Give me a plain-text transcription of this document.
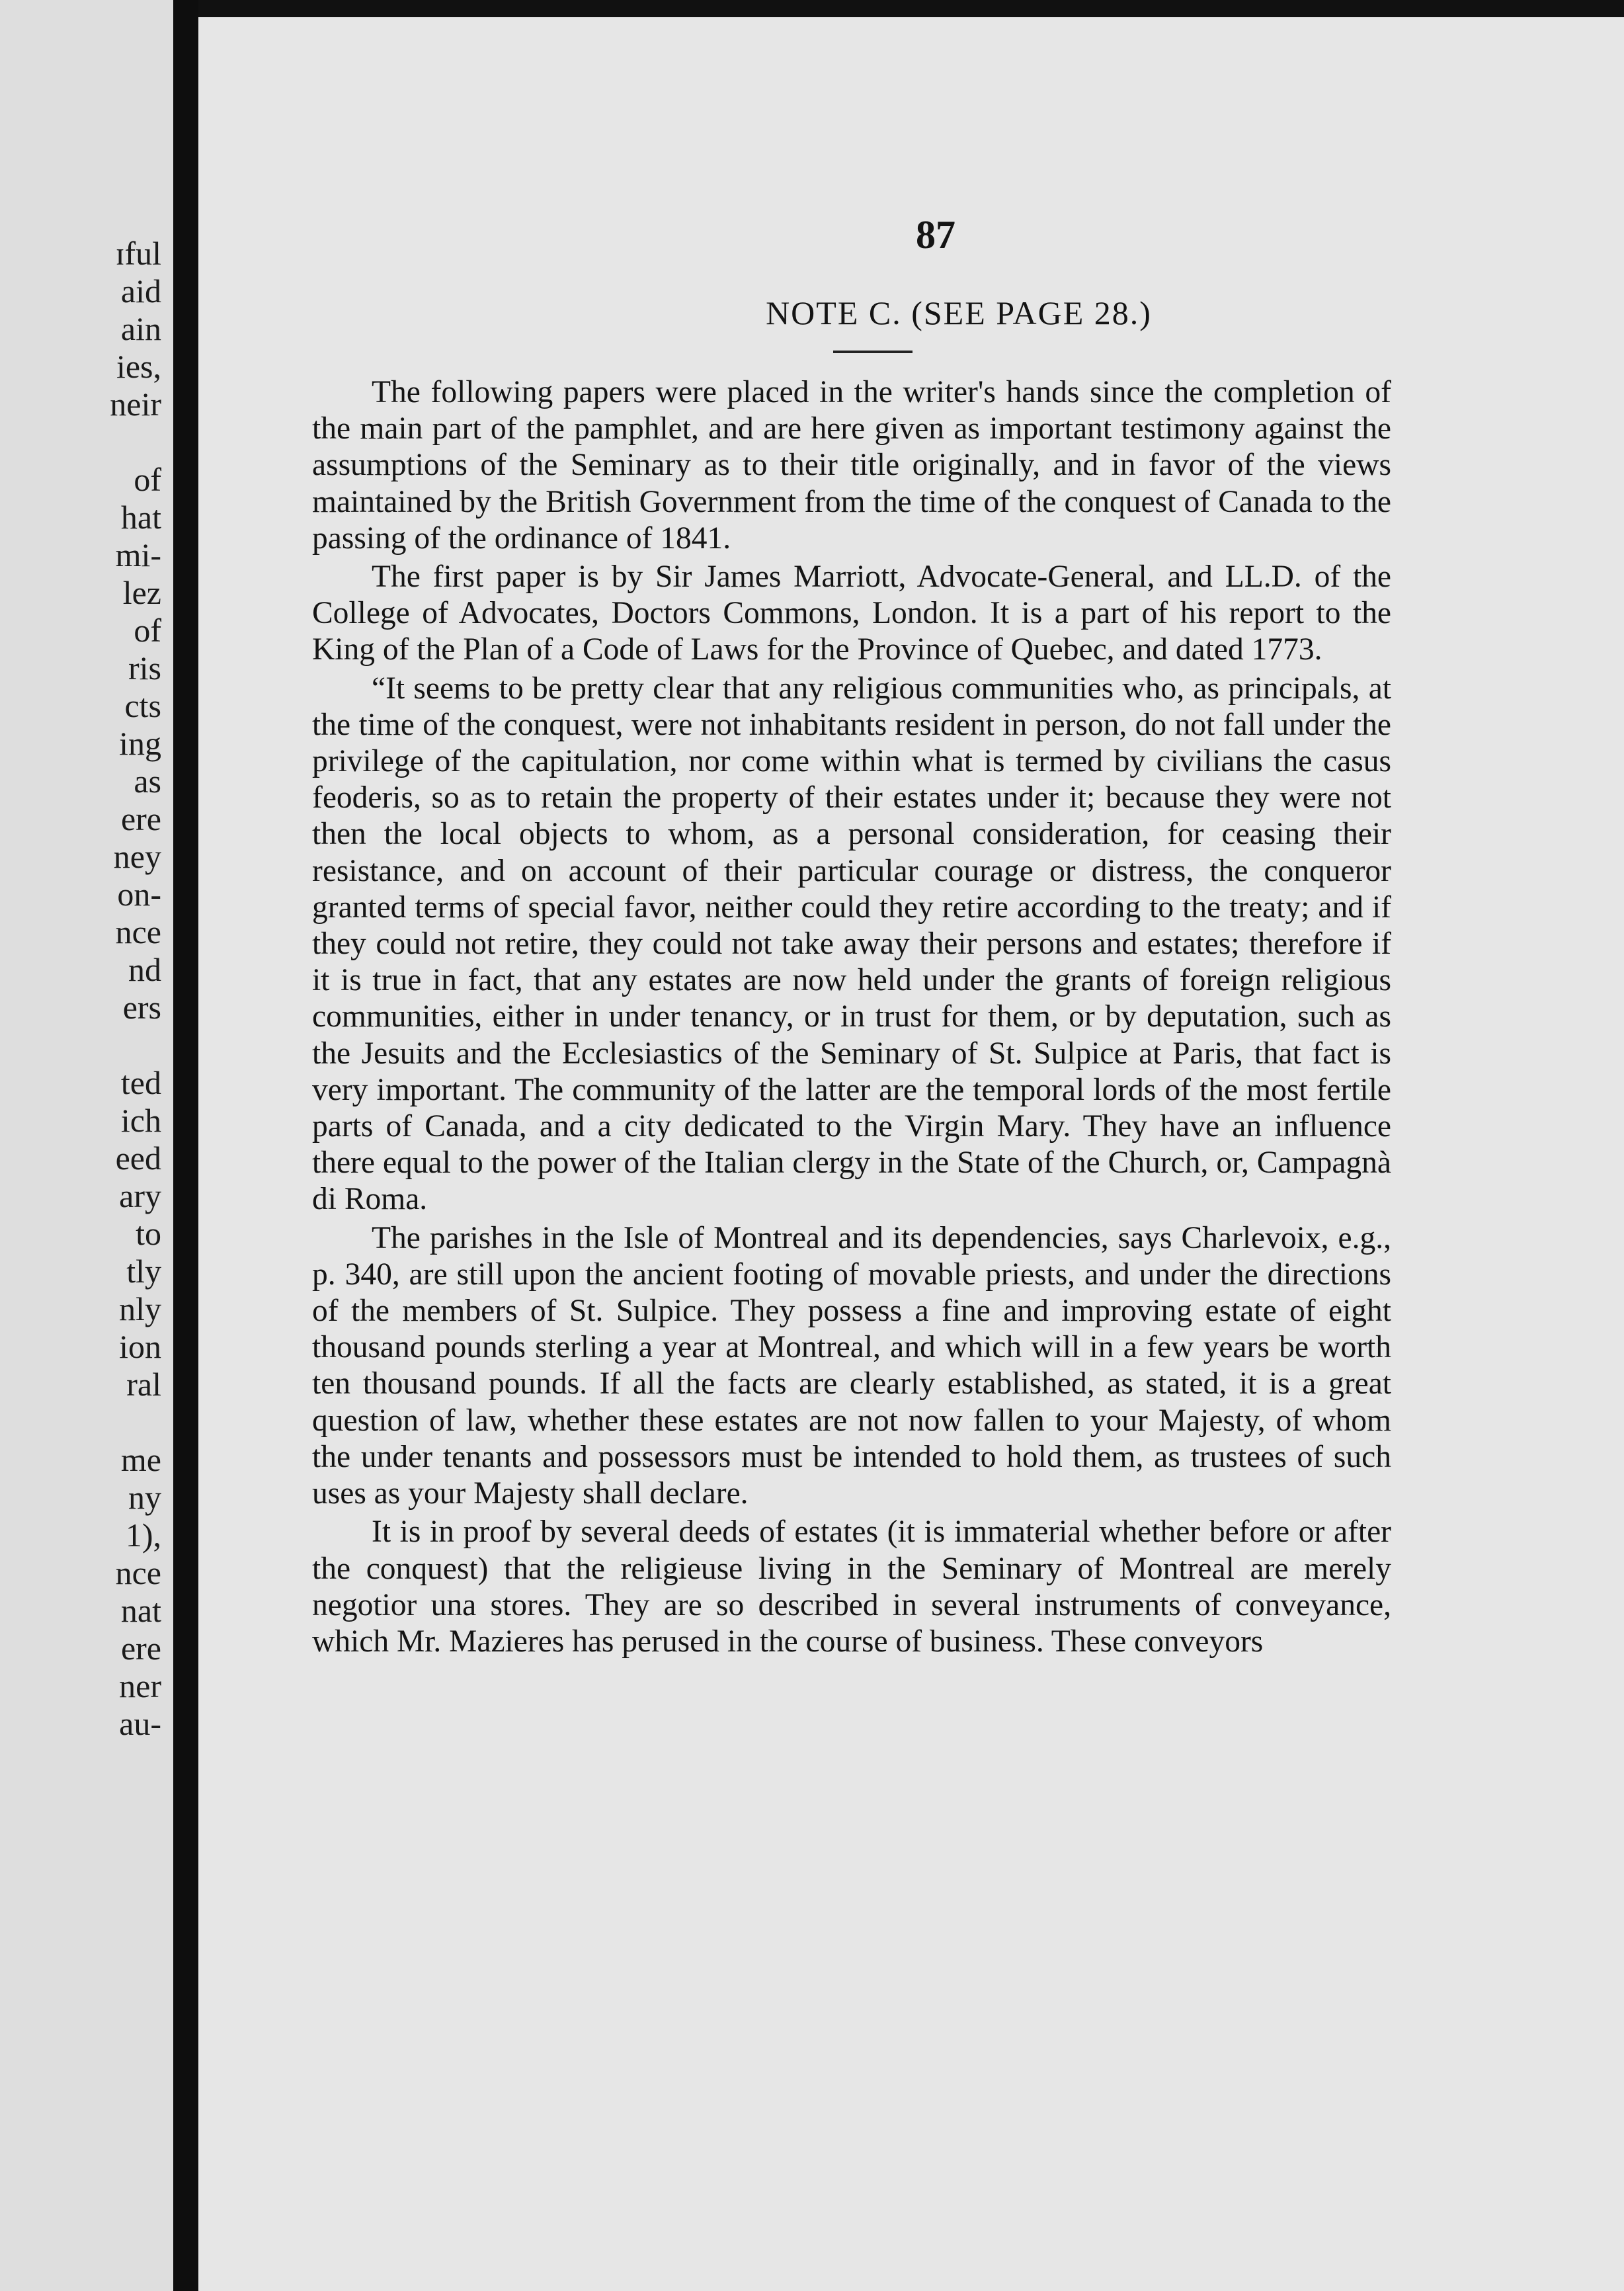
ɪful
aid
ain
ies,
neir
of
hat
mi-
lez
of
ris
cts
ing
as
ere
ney
on-
nce
nd
ers
ted
ich
eed
ary
to
tly
nly
ion
ral
me
ny
1),
nce
nat
ere
ner
au-
87
NOTE C. (SEE PAGE 28.)

The following papers were placed in the writer's hands since the completion of the main part of the pamphlet, and are here given as important testimony against the assumptions of the Seminary as to their title originally, and in favor of the views maintained by the British Government from the time of the conquest of Canada to the passing of the ordinance of 1841.

The first paper is by Sir James Marriott, Advocate-General, and LL.D. of the College of Advocates, Doctors Commons, London. It is a part of his report to the King of the Plan of a Code of Laws for the Province of Quebec, and dated 1773.

“It seems to be pretty clear that any religious communities who, as principals, at the time of the conquest, were not inhabitants resident in person, do not fall under the privilege of the capitulation, nor come within what is termed by civilians the casus feoderis, so as to retain the property of their estates under it; because they were not then the local objects to whom, as a personal consideration, for ceasing their resistance, and on account of their particular courage or distress, the conqueror granted terms of special favor, neither could they retire according to the treaty; and if they could not retire, they could not take away their persons and estates; therefore if it is true in fact, that any estates are now held under the grants of foreign religious communities, either in under tenancy, or in trust for them, or by deputation, such as the Jesuits and the Ecclesiastics of the Seminary of St. Sulpice at Paris, that fact is very important. The community of the latter are the temporal lords of the most fertile parts of Canada, and a city dedicated to the Virgin Mary. They have an influence there equal to the power of the Italian clergy in the State of the Church, or, Campagnà di Roma.

The parishes in the Isle of Montreal and its dependencies, says Charlevoix, e.g., p. 340, are still upon the ancient footing of movable priests, and under the directions of the members of St. Sulpice. They possess a fine and improving estate of eight thousand pounds sterling a year at Montreal, and which will in a few years be worth ten thousand pounds. If all the facts are clearly established, as stated, it is a great question of law, whether these estates are not now fallen to your Majesty, of whom the under tenants and possessors must be intended to hold them, as trustees of such uses as your Majesty shall declare.

It is in proof by several deeds of estates (it is immaterial whether before or after the conquest) that the religieuse living in the Seminary of Montreal are merely negotior una stores. They are so described in several instruments of conveyance, which Mr. Mazieres has perused in the course of business. These conveyors
